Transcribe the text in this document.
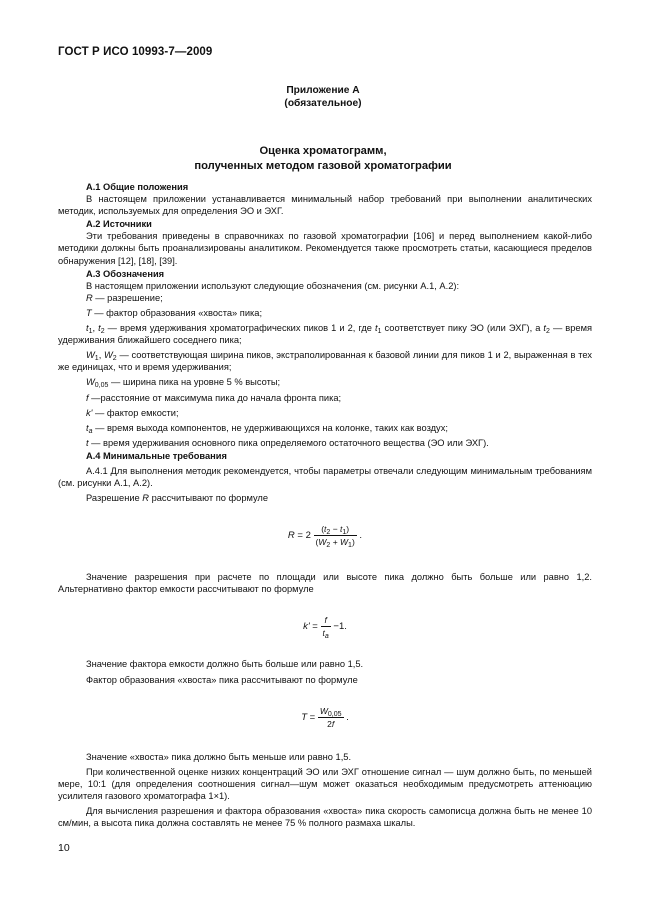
ГОСТ Р ИСО 10993-7—2009
Приложение А
(обязательное)
Оценка хроматограмм,
полученных методом газовой хроматографии

А.1 Общие положения

В настоящем приложении устанавливается минимальный набор требований при выполнении аналитических методик, используемых для определения ЭО и ЭХГ.

А.2 Источники

Эти требования приведены в справочниках по газовой хроматографии [106] и перед выполнением какой-либо методики должны быть проанализированы аналитиком. Рекомендуется также просмотреть статьи, касающиеся пределов обнаружения [12], [18], [39].

А.3 Обозначения

В настоящем приложении используют следующие обозначения (см. рисунки А.1, А.2):

R — разрешение;

T — фактор образования «хвоста» пика;

$t_1$, $t_2$ — время удерживания хроматографических пиков 1 и 2, где $t_1$ соответствует пику ЭО (или ЭХГ), а $t_2$ — время удерживания ближайшего соседнего пика;

$W_1$, $W_2$ — соответствующая ширина пиков, экстраполированная к базовой линии для пиков 1 и 2, выраженная в тех же единицах, что и время удерживания;

$W_{0,05}$ — ширина пика на уровне 5 % высоты;

f —расстояние от максимума пика до начала фронта пика;

k' — фактор емкости;

$t_a$ — время выхода компонентов, не удерживающихся на колонке, таких как воздух;

t — время удерживания основного пика определяемого остаточного вещества (ЭО или ЭХГ).

А.4 Минимальные требования

А.4.1 Для выполнения методик рекомендуется, чтобы параметры отвечали следующим минимальным требованиям (см. рисунки А.1, А.2).

Разрешение R рассчитывают по формуле

$R = 2 \frac{(t_2 - t_1)}{(W_2 + W_1)}$ .

Значение разрешения при расчете по площади или высоте пика должно быть больше или равно 1,2. Альтернативно фактор емкости рассчитывают по формуле

$k' = \frac{f}{t_a} -1$.

Значение фактора емкости должно быть больше или равно 1,5.

Фактор образования «хвоста» пика рассчитывают по формуле

$T = \frac{W_{0,05}}{2f}$ .

Значение «хвоста» пика должно быть меньше или равно 1,5.

При количественной оценке низких концентраций ЭО или ЭХГ отношение сигнал — шум должно быть, по меньшей мере, 10:1 (для определения соотношения сигнал—шум может оказаться необходимым предусмотреть аттенюацию усилителя газового хроматографа 1×1).

Для вычисления разрешения и фактора образования «хвоста» пика скорость самописца должна быть не менее 10 см/мин, а высота пика должна составлять не менее 75 % полного размаха шкалы.

10
